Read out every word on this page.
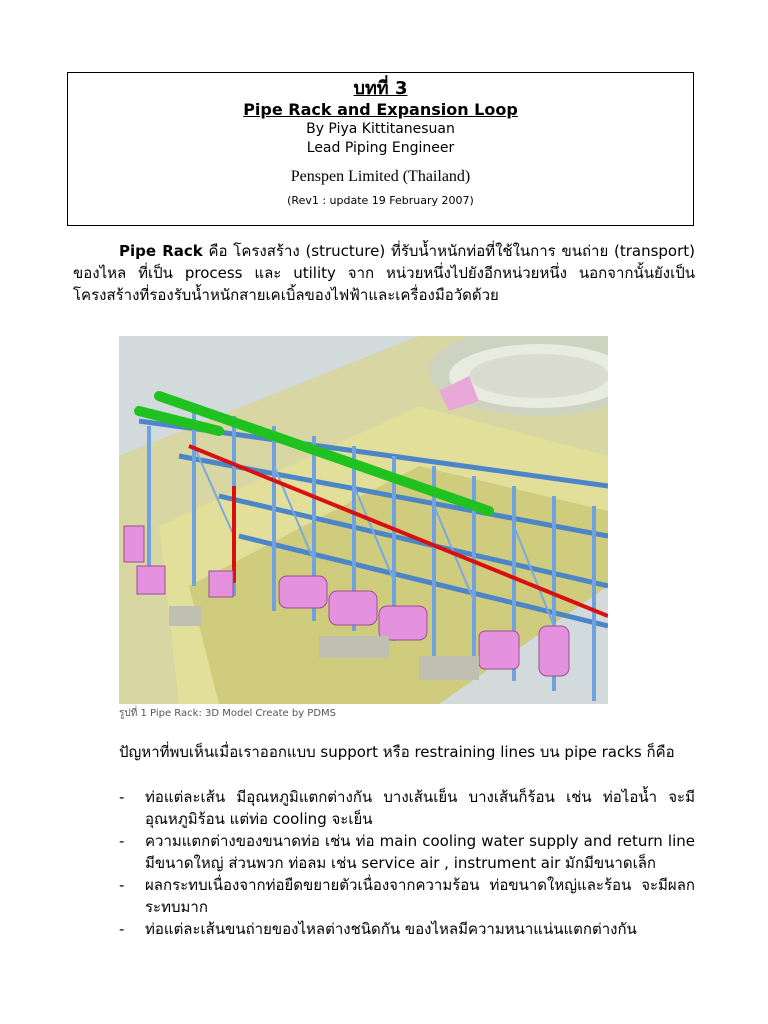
บทที่ 3
Pipe Rack and Expansion Loop
By Piya Kittitanesuan
Lead Piping Engineer
Penspen Limited (Thailand)
(Rev1 : update 19 February 2007)

Pipe Rack คือ โครงสร้าง (structure) ที่รับน้ำหนักท่อที่ใช้ในการ ขนถ่าย (transport) ของไหล ที่เป็น process และ utility จาก หน่วยหนึ่งไปยังอีกหน่วยหนึ่ง นอกจากนั้นยังเป็นโครงสร้างที่รองรับน้ำหนักสายเคเบิ้ลของไฟฟ้าและเครื่องมือวัดด้วย

รูปที่ 1 Pipe Rack: 3D Model Create by PDMS

ปัญหาที่พบเห็นเมื่อเราออกแบบ support หรือ restraining lines บน pipe racks ก็คือ

- ท่อแต่ละเส้น มีอุณหภูมิแตกต่างกัน บางเส้นเย็น บางเส้นก็ร้อน เช่น ท่อไอน้ำ จะมีอุณหภูมิร้อน แต่ท่อ cooling จะเย็น
- ความแตกต่างของขนาดท่อ เช่น ท่อ main cooling water supply and return line มีขนาดใหญ่ ส่วนพวก ท่อลม เช่น service air , instrument air มักมีขนาดเล็ก
- ผลกระทบเนื่องจากท่อยืดขยายตัวเนื่องจากความร้อน ท่อขนาดใหญ่และร้อน จะมีผลกระทบมาก
- ท่อแต่ละเส้นขนถ่ายของไหลต่างชนิดกัน ของไหลมีความหนาแน่นแตกต่างกัน
